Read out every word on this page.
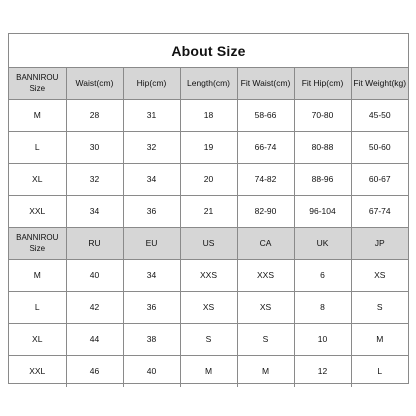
About Size
BANNIROU
Size	Waist(cm)	Hip(cm)	Length(cm)	Fit Waist(cm)	Fit Hip(cm)	Fit Weight(kg)
M	28	31	18	58-66	70-80	45-50
L	30	32	19	66-74	80-88	50-60
XL	32	34	20	74-82	88-96	60-67
XXL	34	36	21	82-90	96-104	67-74
BANNIROU
Size	RU	EU	US	CA	UK	JP
M	40	34	XXS	XXS	6	XS
L	42	36	XS	XS	8	S
XL	44	38	S	S	10	M
XXL	46	40	M	M	12	L
